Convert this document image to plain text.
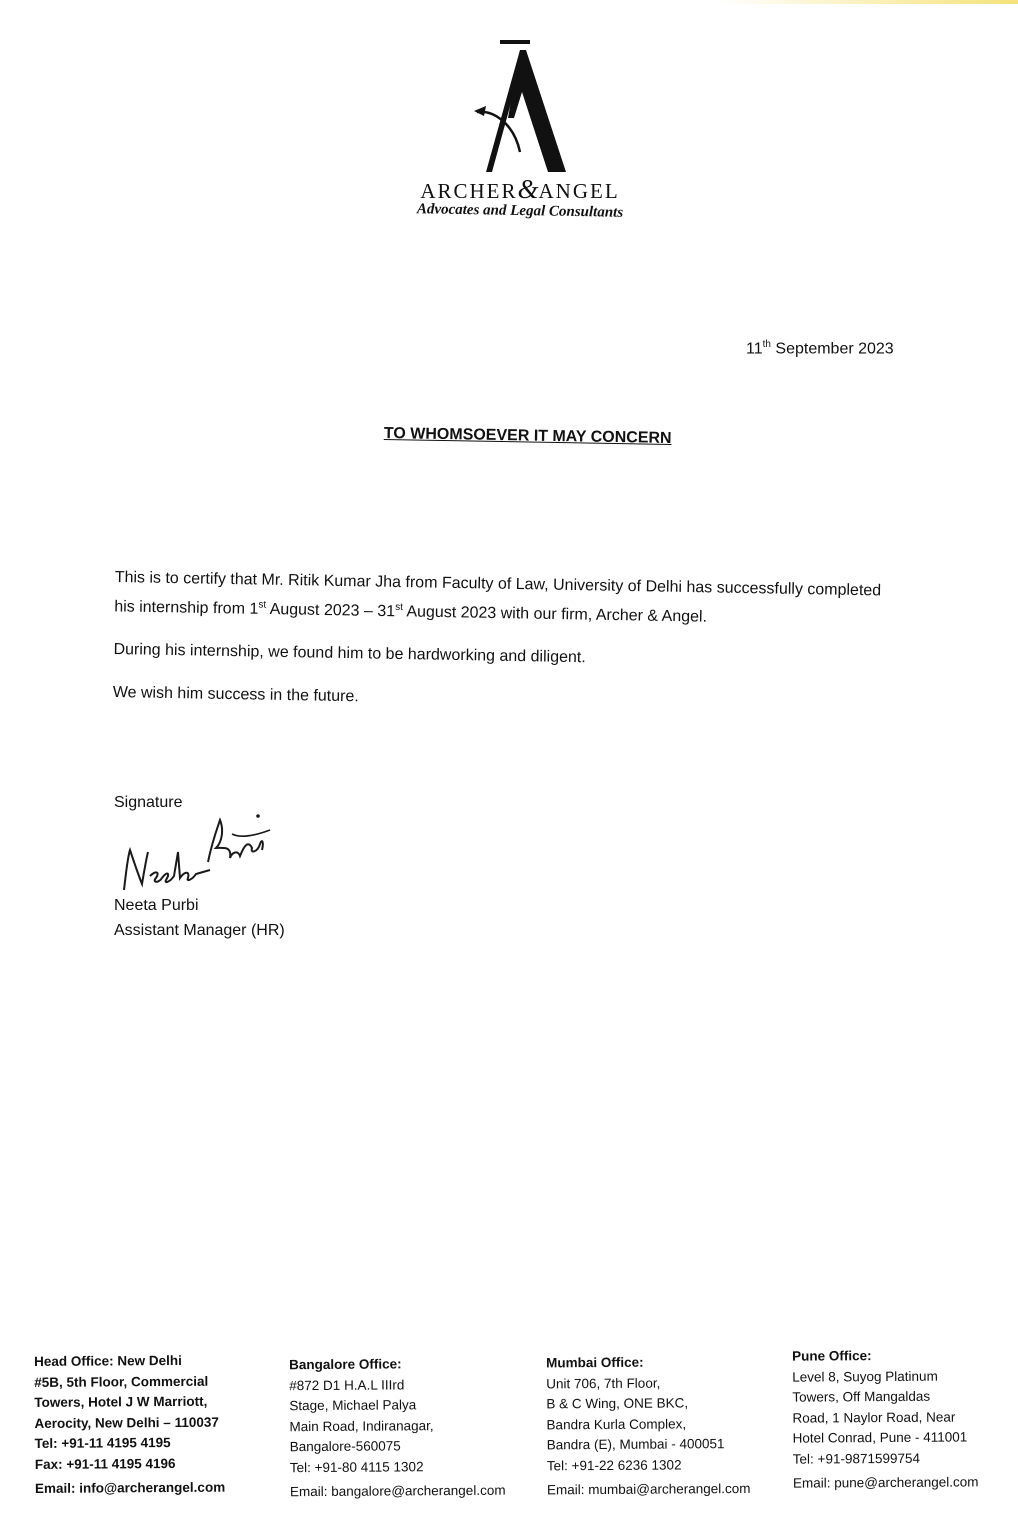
A
ARCHER&ANGEL
Advocates and Legal Consultants
11th September 2023
TO WHOMSOEVER IT MAY CONCERN

This is to certify that Mr. Ritik Kumar Jha from Faculty of Law, University of Delhi has successfully completed his internship from 1st August 2023 – 31st August 2023 with our firm, Archer & Angel.

During his internship, we found him to be hardworking and diligent.

We wish him success in the future.

Signature
Neeta Purbi
Neeta Purbi
Assistant Manager (HR)
Head Office: New Delhi
#5B, 5th Floor, Commercial
Towers, Hotel J W Marriott,
Aerocity, New Delhi – 110037
Tel: +91-11 4195 4195
Fax: +91-11 4195 4196
Email: info@archerangel.com
Bangalore Office:
#872 D1 H.A.L IIIrd
Stage, Michael Palya
Main Road, Indiranagar,
Bangalore-560075
Tel: +91-80 4115 1302
Email: bangalore@archerangel.com
Mumbai Office:
Unit 706, 7th Floor,
B & C Wing, ONE BKC,
Bandra Kurla Complex,
Bandra (E), Mumbai - 400051
Tel: +91-22 6236 1302
Email: mumbai@archerangel.com
Pune Office:
Level 8, Suyog Platinum
Towers, Off Mangaldas
Road, 1 Naylor Road, Near
Hotel Conrad, Pune - 411001
Tel: +91-9871599754
Email: pune@archerangel.com
